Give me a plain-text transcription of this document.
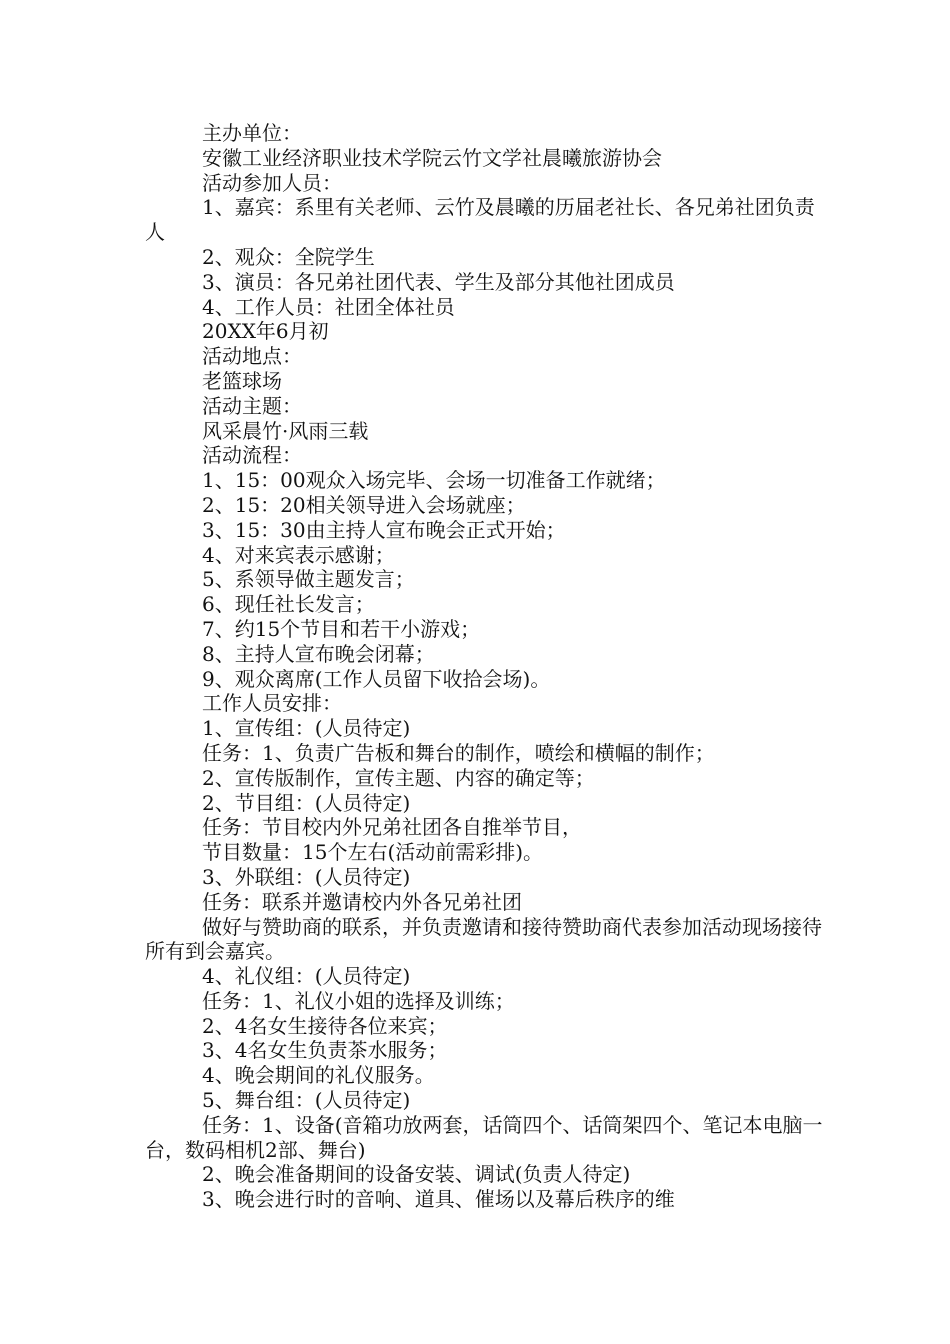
主办单位：
安徽工业经济职业技术学院云竹文学社晨曦旅游协会
活动参加人员：
1、嘉宾：系里有关老师、云竹及晨曦的历届老社长、各兄弟社团负责人
2、观众：全院学生
3、演员：各兄弟社团代表、学生及部分其他社团成员
4、工作人员：社团全体社员
20XX年6月初
活动地点：
老篮球场
活动主题：
风采晨竹·风雨三载
活动流程：
1、15：00观众入场完毕、会场一切准备工作就绪；
2、15：20相关领导进入会场就座；
3、15：30由主持人宣布晚会正式开始；
4、对来宾表示感谢；
5、系领导做主题发言；
6、现任社长发言；
7、约15个节目和若干小游戏；
8、主持人宣布晚会闭幕；
9、观众离席(工作人员留下收拾会场)。
工作人员安排：
1、宣传组：(人员待定)
任务：1、负责广告板和舞台的制作，喷绘和横幅的制作；
2、宣传版制作，宣传主题、内容的确定等；
2、节目组：(人员待定)
任务：节目校内外兄弟社团各自推举节目，
节目数量：15个左右(活动前需彩排)。
3、外联组：(人员待定)
任务：联系并邀请校内外各兄弟社团
做好与赞助商的联系，并负责邀请和接待赞助商代表参加活动现场接待所有到会嘉宾。
4、礼仪组：(人员待定)
任务：1、礼仪小姐的选择及训练；
2、4名女生接待各位来宾；
3、4名女生负责茶水服务；
4、晚会期间的礼仪服务。
5、舞台组：(人员待定)
任务：1、设备(音箱功放两套，话筒四个、话筒架四个、笔记本电脑一台，数码相机2部、舞台)
2、晚会准备期间的设备安装、调试(负责人待定)
3、晚会进行时的音响、道具、催场以及幕后秩序的维
